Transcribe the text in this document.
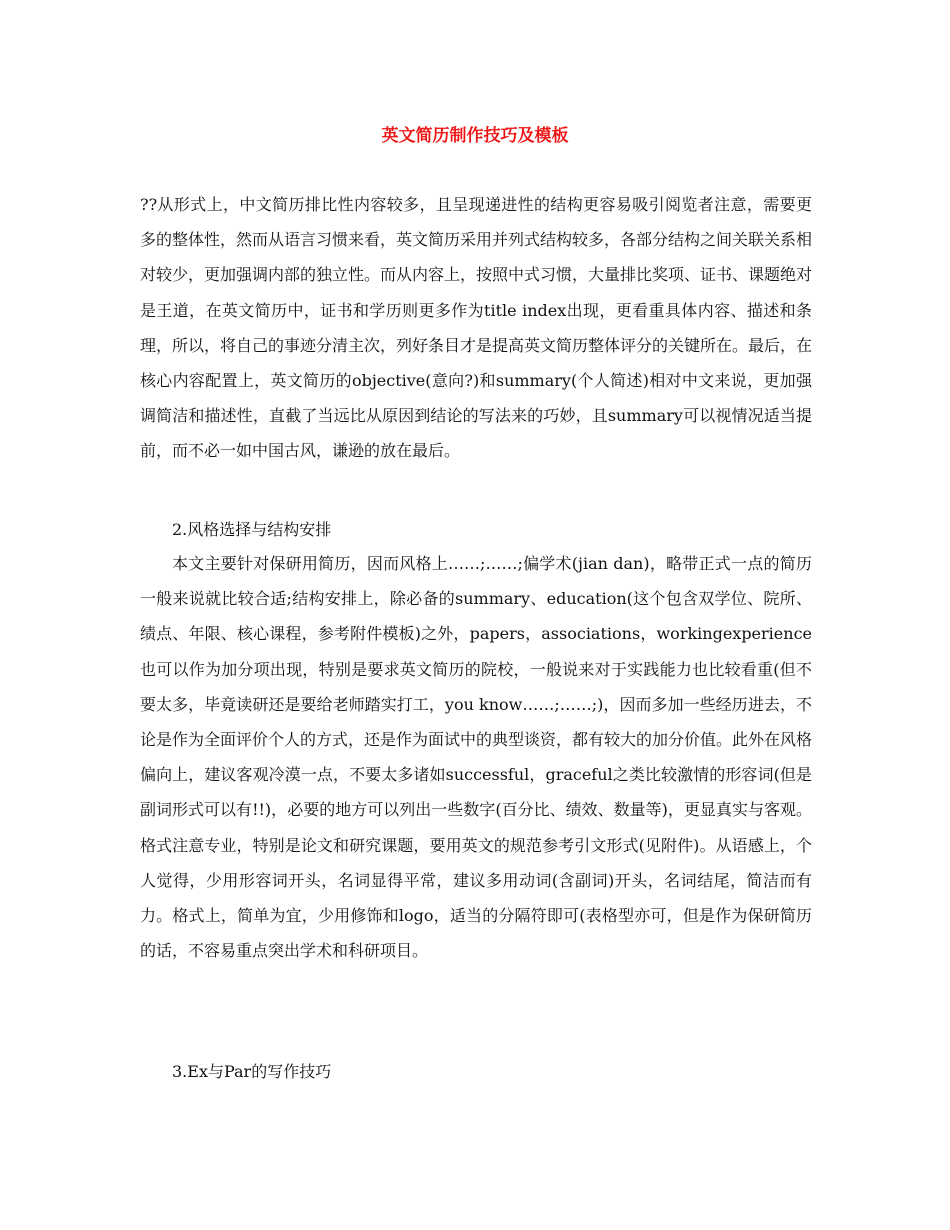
英文简历制作技巧及模板

??从形式上，中文简历排比性内容较多，且呈现递进性的结构更容易吸引阅览者注意，需要更多的整体性，然而从语言习惯来看，英文简历采用并列式结构较多，各部分结构之间关联关系相对较少，更加强调内部的独立性。而从内容上，按照中式习惯，大量排比奖项、证书、课题绝对是王道，在英文简历中，证书和学历则更多作为title index出现，更看重具体内容、描述和条理，所以，将自己的事迹分清主次，列好条目才是提高英文简历整体评分的关键所在。最后，在核心内容配置上，英文简历的objective(意向?)和summary(个人简述)相对中文来说，更加强调简洁和描述性，直截了当远比从原因到结论的写法来的巧妙，且summary可以视情况适当提前，而不必一如中国古风，谦逊的放在最后。

2.风格选择与结构安排

本文主要针对保研用简历，因而风格上……;……;偏学术(jian dan)，略带正式一点的简历一般来说就比较合适;结构安排上，除必备的summary、education(这个包含双学位、院所、绩点、年限、核心课程，参考附件模板)之外，papers，associations，workingexperience也可以作为加分项出现，特别是要求英文简历的院校，一般说来对于实践能力也比较看重(但不要太多，毕竟读研还是要给老师踏实打工，you know……;……;)，因而多加一些经历进去，不论是作为全面评价个人的方式，还是作为面试中的典型谈资，都有较大的加分价值。此外在风格偏向上，建议客观冷漠一点，不要太多诸如successful，graceful之类比较激情的形容词(但是副词形式可以有!!)，必要的地方可以列出一些数字(百分比、绩效、数量等)，更显真实与客观。格式注意专业，特别是论文和研究课题，要用英文的规范参考引文形式(见附件)。从语感上，个人觉得，少用形容词开头，名词显得平常，建议多用动词(含副词)开头，名词结尾，简洁而有力。格式上，简单为宜，少用修饰和logo，适当的分隔符即可(表格型亦可，但是作为保研简历的话，不容易重点突出学术和科研项目。

3.Ex与Par的写作技巧
